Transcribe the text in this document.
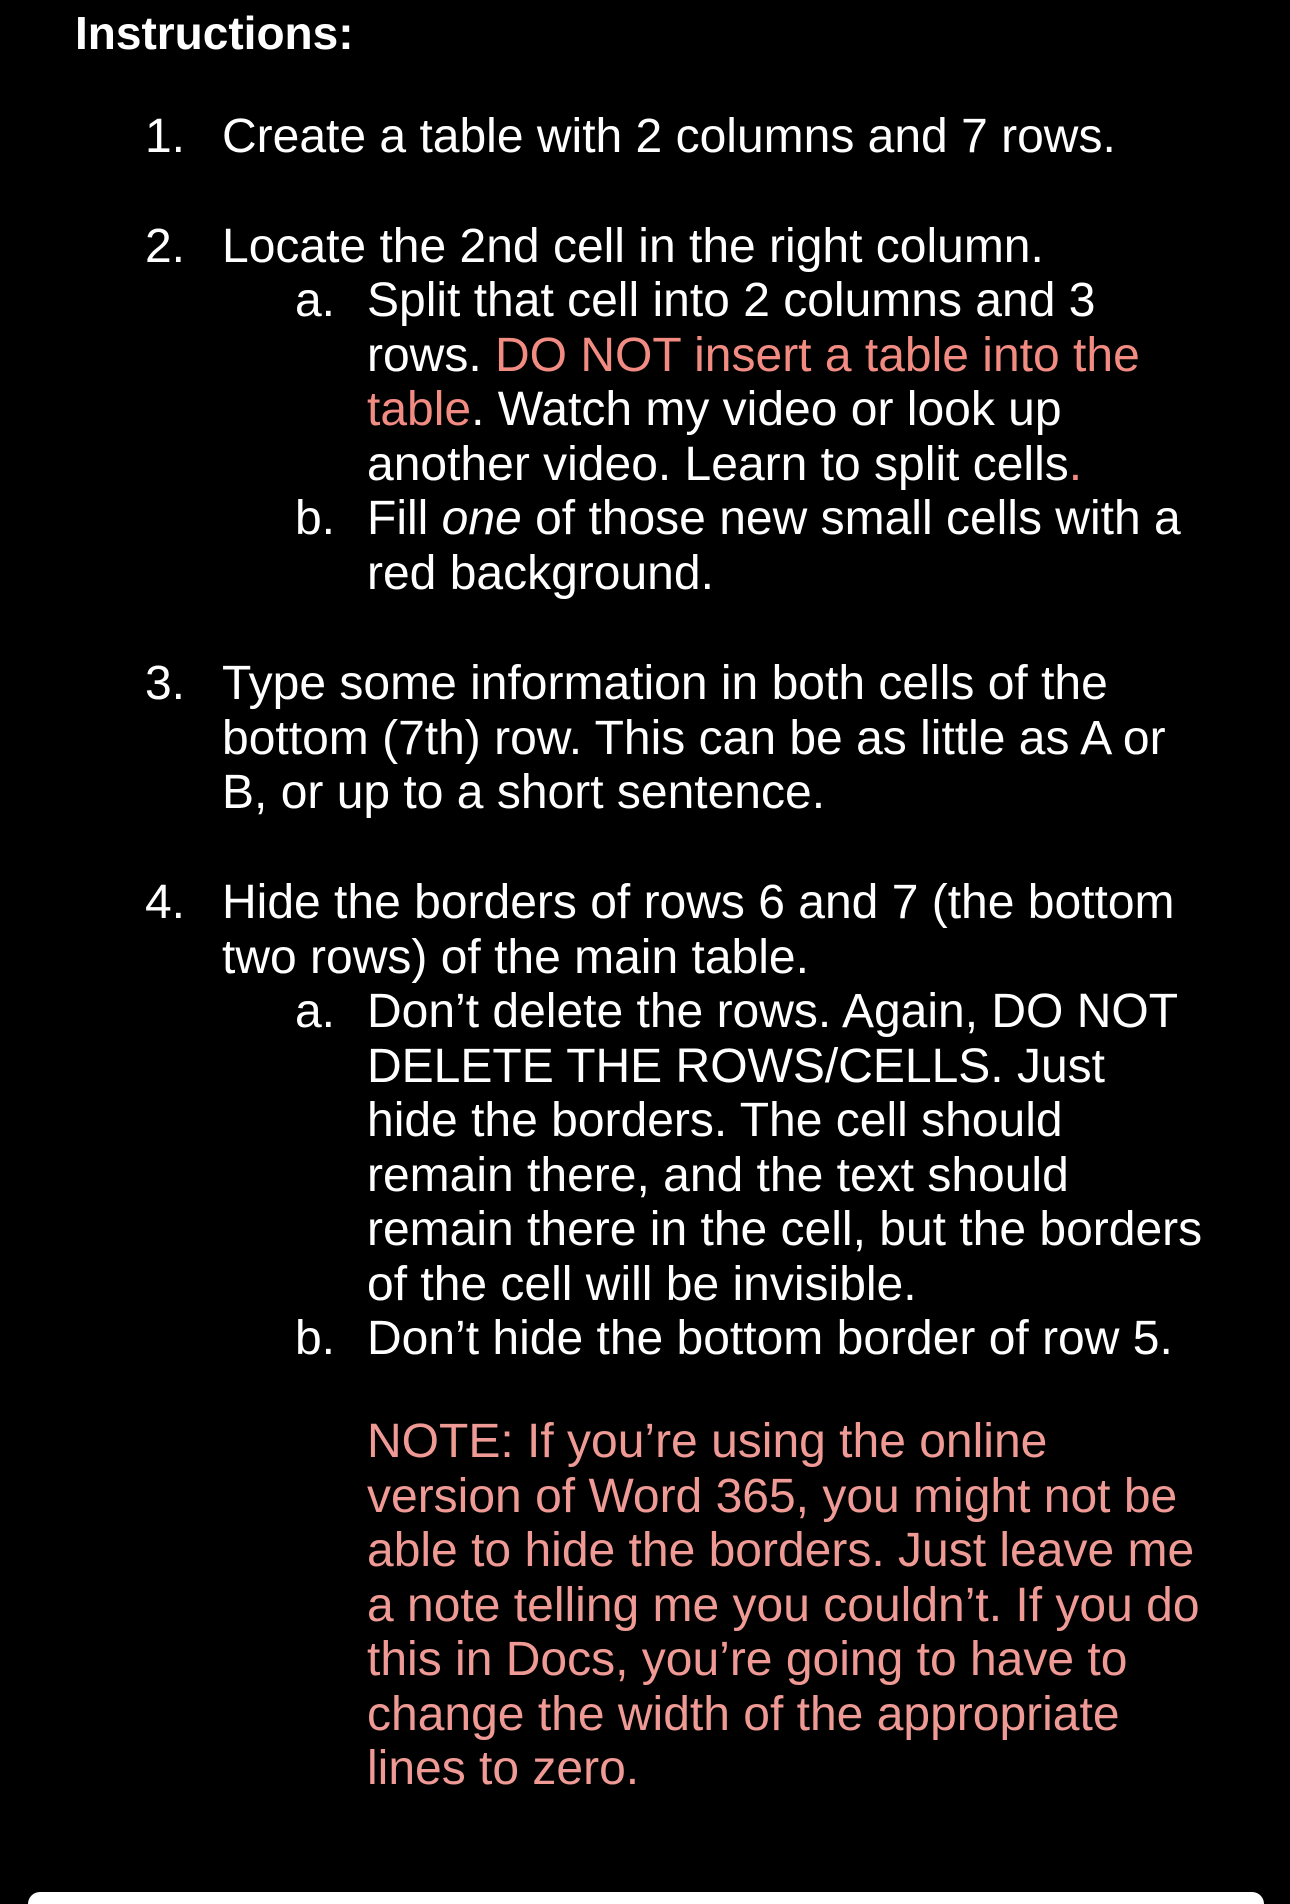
Instructions:
1. Create a table with 2 columns and 7 rows.
2. Locate the 2nd cell in the right column.
a. Split that cell into 2 columns and 3
rows. DO NOT insert a table into the
table. Watch my video or look up
another video. Learn to split cells.
b. Fill one of those new small cells with a
red background.
3. Type some information in both cells of the
bottom (7th) row. This can be as little as A or
B, or up to a short sentence.
4. Hide the borders of rows 6 and 7 (the bottom
two rows) of the main table.
a. Don’t delete the rows. Again, DO NOT
DELETE THE ROWS/CELLS. Just
hide the borders. The cell should
remain there, and the text should
remain there in the cell, but the borders
of the cell will be invisible.
b. Don’t hide the bottom border of row 5.
NOTE: If you’re using the online
version of Word 365, you might not be
able to hide the borders. Just leave me
a note telling me you couldn’t. If you do
this in Docs, you’re going to have to
change the width of the appropriate
lines to zero.
